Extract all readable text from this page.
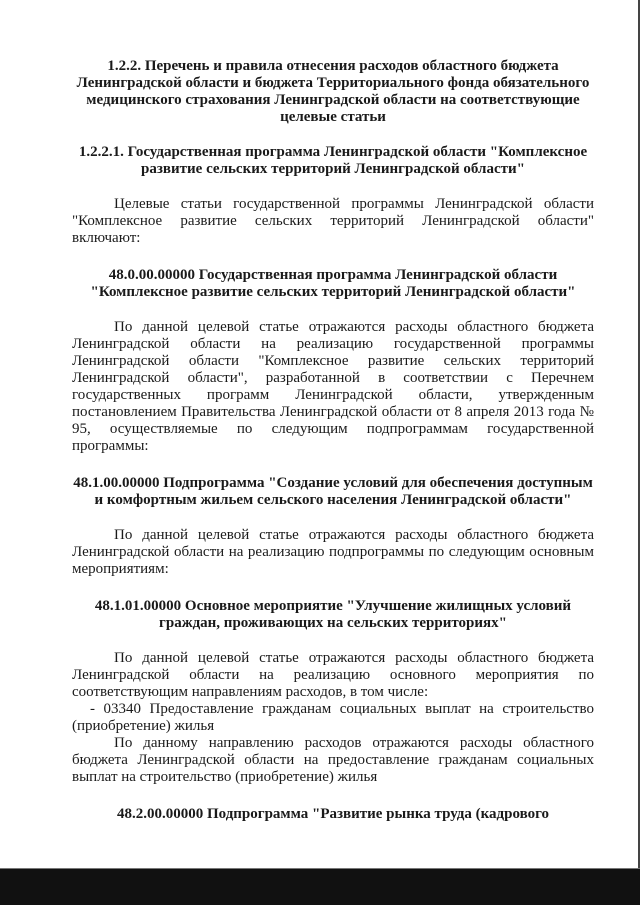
1.2.2. Перечень и правила отнесения расходов областного бюджета Ленинградской области и бюджета Территориального фонда обязательного медицинского страхования Ленинградской области на соответствующие целевые статьи

1.2.2.1. Государственная программа Ленинградской области "Комплексное развитие сельских территорий Ленинградской области"

Целевые статьи государственной программы Ленинградской области "Комплексное развитие сельских территорий Ленинградской области" включают:

48.0.00.00000 Государственная программа Ленинградской области "Комплексное развитие сельских территорий Ленинградской области"

По данной целевой статье отражаются расходы областного бюджета Ленинградской области на реализацию государственной программы Ленинградской области "Комплексное развитие сельских территорий Ленинградской области", разработанной в соответствии с Перечнем государственных программ Ленинградской области, утвержденным постановлением Правительства Ленинградской области от 8 апреля 2013 года № 95, осуществляемые по следующим подпрограммам государственной программы:

48.1.00.00000 Подпрограмма "Создание условий для обеспечения доступным и комфортным жильем сельского населения Ленинградской области"

По данной целевой статье отражаются расходы областного бюджета Ленинградской области на реализацию подпрограммы по следующим основным мероприятиям:

48.1.01.00000 Основное мероприятие "Улучшение жилищных условий граждан, проживающих на сельских территориях"

По данной целевой статье отражаются расходы областного бюджета Ленинградской области на реализацию основного мероприятия по соответствующим направлениям расходов, в том числе:

- 03340 Предоставление гражданам социальных выплат на строительство (приобретение) жилья

По данному направлению расходов отражаются расходы областного бюджета Ленинградской области на предоставление гражданам социальных выплат на строительство (приобретение) жилья

48.2.00.00000 Подпрограмма "Развитие рынка труда (кадрового
